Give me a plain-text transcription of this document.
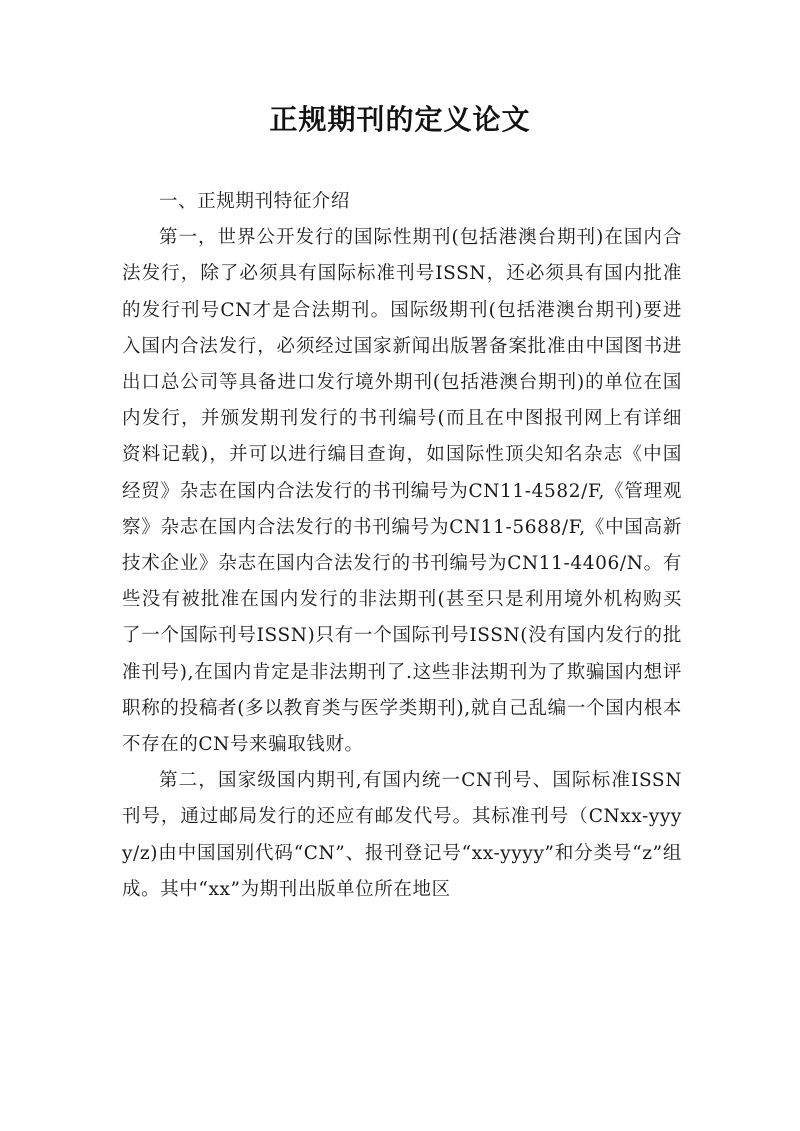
正规期刊的定义论文

一、正规期刊特征介绍

第一，世界公开发行的国际性期刊(包括港澳台期刊)在国内合法发行，除了必须具有国际标准刊号ISSN，还必须具有国内批准的发行刊号CN才是合法期刊。国际级期刊(包括港澳台期刊)要进入国内合法发行，必须经过国家新闻出版署备案批准由中国图书进出口总公司等具备进口发行境外期刊(包括港澳台期刊)的单位在国内发行，并颁发期刊发行的书刊编号(而且在中图报刊网上有详细资料记载)，并可以进行编目查询，如国际性顶尖知名杂志《中国经贸》杂志在国内合法发行的书刊编号为CN11-4582/F,《管理观察》杂志在国内合法发行的书刊编号为CN11-5688/F,《中国高新技术企业》杂志在国内合法发行的书刊编号为CN11-4406/N。有些没有被批准在国内发行的非法期刊(甚至只是利用境外机构购买了一个国际刊号ISSN)只有一个国际刊号ISSN(没有国内发行的批准刊号),在国内肯定是非法期刊了.这些非法期刊为了欺骗国内想评职称的投稿者(多以教育类与医学类期刊),就自己乱编一个国内根本不存在的CN号来骗取钱财。

第二，国家级国内期刊,有国内统一CN刊号、国际标准ISSN刊号，通过邮局发行的还应有邮发代号。其标准刊号（CNxx-yyyy/z)由中国国别代码“CN”、报刊登记号“xx-yyyy”和分类号“z”组成。其中“xx”为期刊出版单位所在地区
